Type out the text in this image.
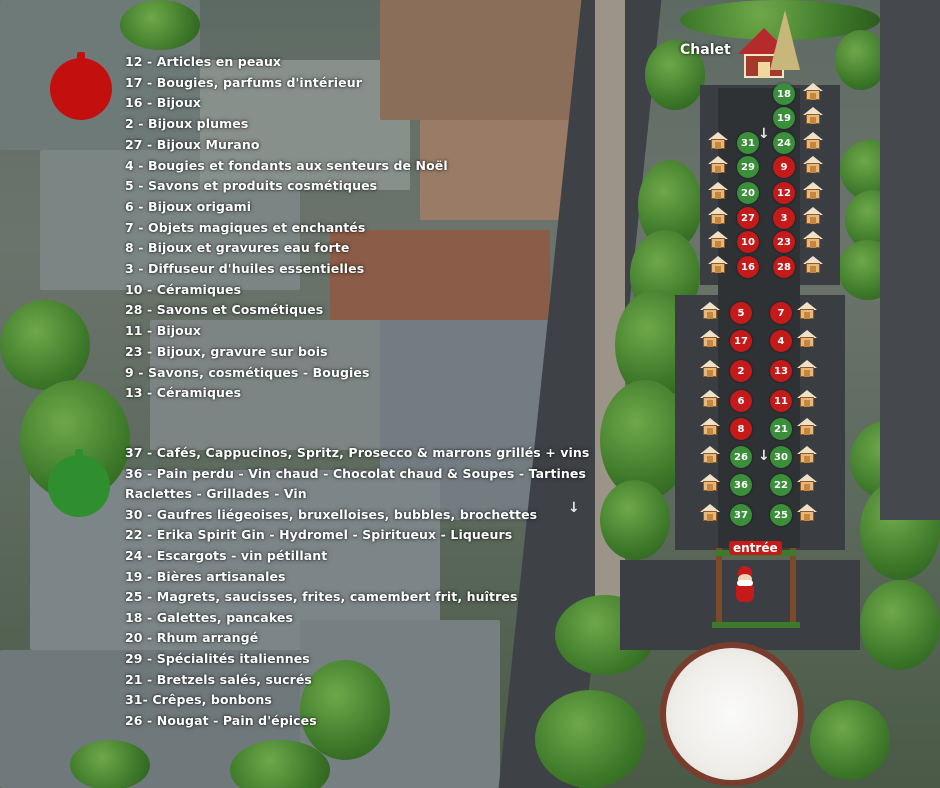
Chalet
entrée
↓
↓
↓
18
19
31	24
29	9
20	12
27	3
10	23
16	28
5	7
17	4
2	13
6	11
8	21
26	30
36	22
37	25
12 - Articles en peaux
17 - Bougies, parfums d'intérieur
16 - Bijoux
2 - Bijoux plumes
27 - Bijoux Murano
4 - Bougies et fondants aux senteurs de Noël
5 - Savons et produits cosmétiques
6 - Bijoux origami
7 - Objets magiques et enchantés
8 - Bijoux et gravures eau forte
3 - Diffuseur d'huiles essentielles
10 - Céramiques
28 - Savons et Cosmétiques
11 - Bijoux
23 - Bijoux, gravure sur bois
9 - Savons, cosmétiques - Bougies
13 - Céramiques
37 - Cafés, Cappucinos, Spritz, Prosecco & marrons grillés + vins
36 - Pain perdu - Vin chaud - Chocolat chaud & Soupes - Tartines
Raclettes - Grillades - Vin
30 - Gaufres liégeoises, bruxelloises, bubbles, brochettes
22 - Erika Spirit Gin - Hydromel - Spiritueux - Liqueurs
24 - Escargots - vin pétillant
19 - Bières artisanales
25 - Magrets, saucisses, frites, camembert frit, huîtres
18 - Galettes, pancakes
20 - Rhum arrangé
29 - Spécialités italiennes
21 - Bretzels salés, sucrés
31- Crêpes, bonbons
26 - Nougat - Pain d'épices
